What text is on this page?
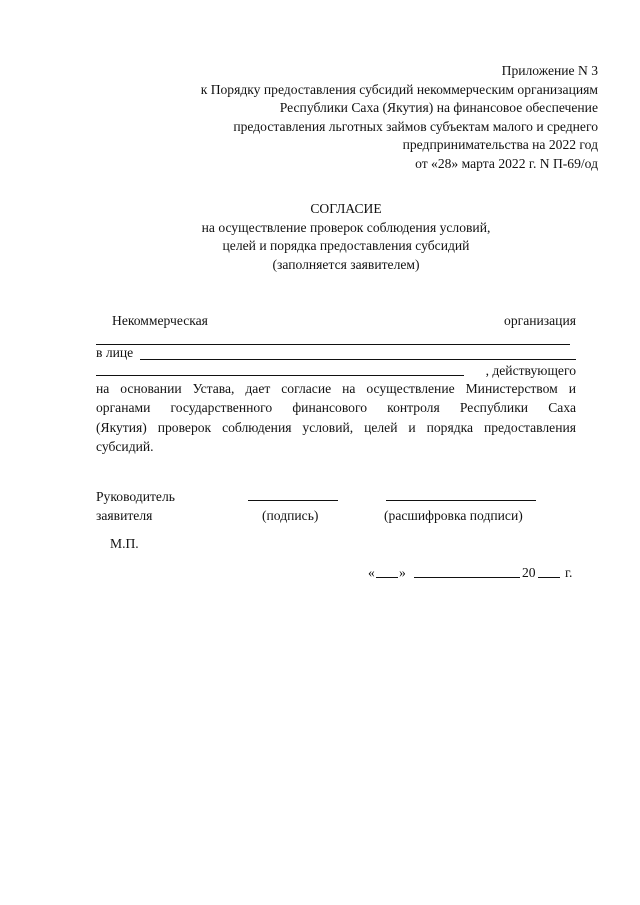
Приложение N 3
к Порядку предоставления субсидий некоммерческим организациям
Республики Саха (Якутия) на финансовое обеспечение
предоставления льготных займов субъектам малого и среднего
предпринимательства на 2022 год
от «28» марта 2022 г. N П-69/од
СОГЛАСИЕ
на осуществление проверок соблюдения условий,
целей и порядка предоставления субсидий
(заполняется заявителем)
Некоммерческая	организация
в лице
, действующего
на основании Устава, дает согласие на осуществление Министерством и
органами государственного финансового контроля Республики Саха
(Якутия) проверок соблюдения условий, целей и порядка предоставления
субсидий.
Руководитель
заявителя	(подпись)	(расшифровка подписи)
М.П.
« »	20 г.
